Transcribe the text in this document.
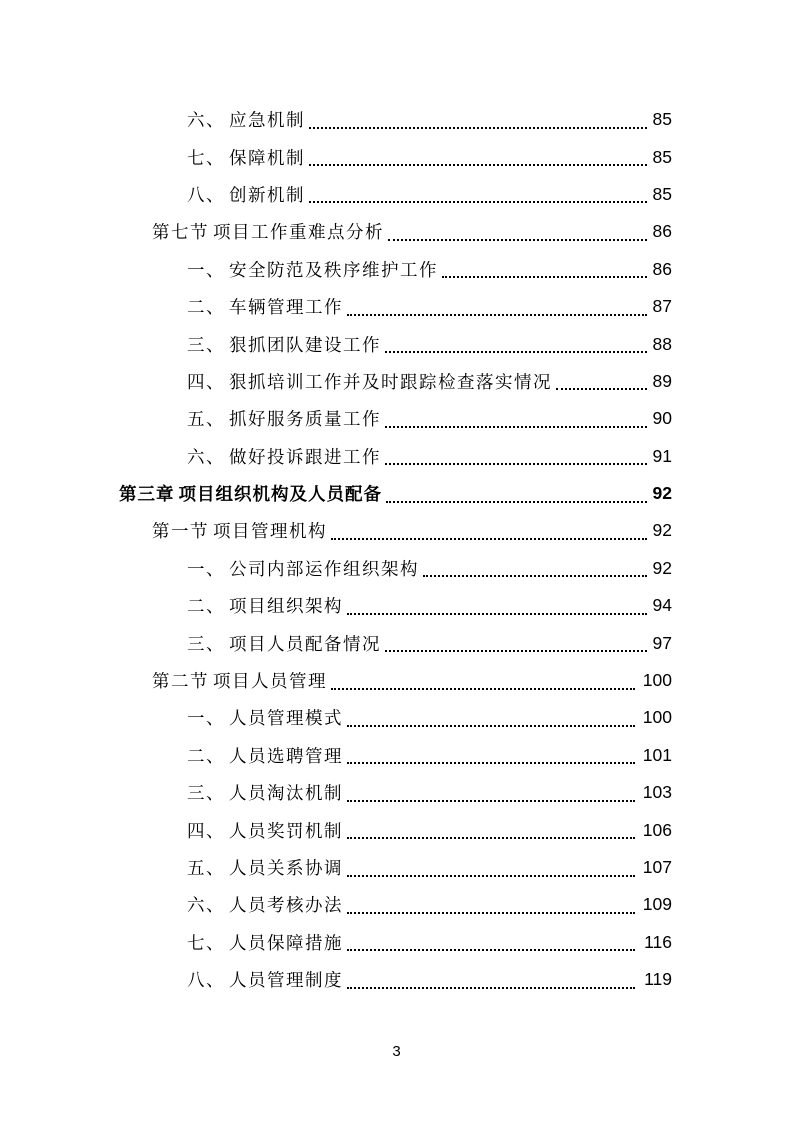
六、 应急机制	85
七、 保障机制	85
八、 创新机制	85
第七节 项目工作重难点分析	86
一、 安全防范及秩序维护工作	86
二、 车辆管理工作	87
三、 狠抓团队建设工作	88
四、 狠抓培训工作并及时跟踪检查落实情况	89
五、 抓好服务质量工作	90
六、 做好投诉跟进工作	91
第三章 项目组织机构及人员配备	92
第一节 项目管理机构	92
一、 公司内部运作组织架构	92
二、 项目组织架构	94
三、 项目人员配备情况	97
第二节 项目人员管理	100
一、 人员管理模式	100
二、 人员选聘管理	101
三、 人员淘汰机制	103
四、 人员奖罚机制	106
五、 人员关系协调	107
六、 人员考核办法	109
七、 人员保障措施	116
八、 人员管理制度	119
3
